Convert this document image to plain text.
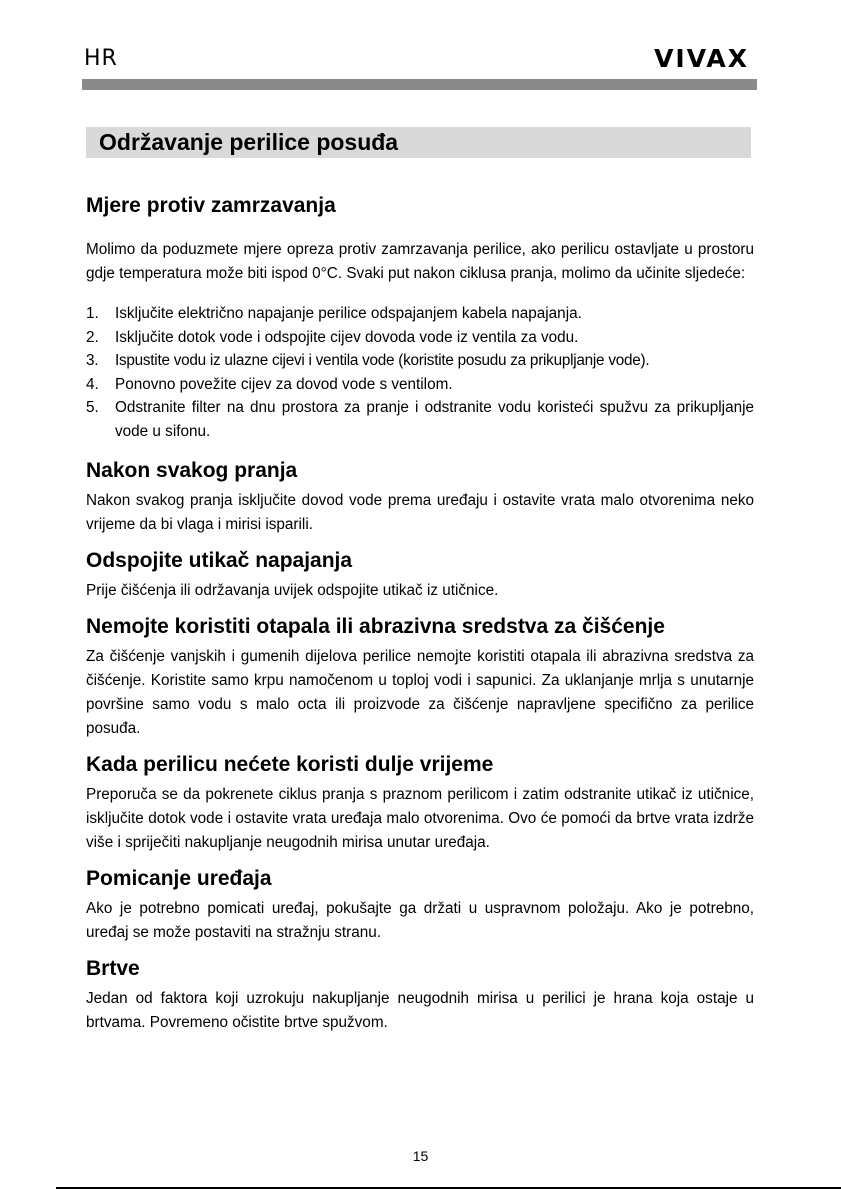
HR	VIVAX
Održavanje perilice posuđa
Mjere protiv zamrzavanja

Molimo da poduzmete mjere opreza protiv zamrzavanja perilice, ako perilicu ostavljate u prostoru gdje temperatura može biti ispod 0°C. Svaki put nakon ciklusa pranja, molimo da učinite sljedeće:

1. Isključite električno napajanje perilice odspajanjem kabela napajanja.
2. Isključite dotok vode i odspojite cijev dovoda vode iz ventila za vodu.
3. Ispustite vodu iz ulazne cijevi i ventila vode (koristite posudu za prikupljanje vode).
4. Ponovno povežite cijev za dovod vode s ventilom.
5. Odstranite filter na dnu prostora za pranje i odstranite vodu koristeći spužvu za prikupljanje vode u sifonu.
Nakon svakog pranja

Nakon svakog pranja isključite dovod vode prema uređaju i ostavite vrata malo otvorenima neko vrijeme da bi vlaga i mirisi isparili.

Odspojite utikač napajanja

Prije čišćenja ili održavanja uvijek odspojite utikač iz utičnice.

Nemojte koristiti otapala ili abrazivna sredstva za čišćenje

Za čišćenje vanjskih i gumenih dijelova perilice nemojte koristiti otapala ili abrazivna sredstva za čišćenje. Koristite samo krpu namočenom u toploj vodi i sapunici. Za uklanjanje mrlja s unutarnje površine samo vodu s malo octa ili proizvode za čišćenje napravljene specifično za perilice posuđa.

Kada perilicu nećete koristi dulje vrijeme

Preporuča se da pokrenete ciklus pranja s praznom perilicom i zatim odstranite utikač iz utičnice, isključite dotok vode i ostavite vrata uređaja malo otvorenima. Ovo će pomoći da brtve vrata izdrže više i spriječiti nakupljanje neugodnih mirisa unutar uređaja.

Pomicanje uređaja

Ako je potrebno pomicati uređaj, pokušajte ga držati u uspravnom položaju. Ako je potrebno, uređaj se može postaviti na stražnju stranu.

Brtve

Jedan od faktora koji uzrokuju nakupljanje neugodnih mirisa u perilici je hrana koja ostaje u brtvama. Povremeno očistite brtve spužvom.

15
